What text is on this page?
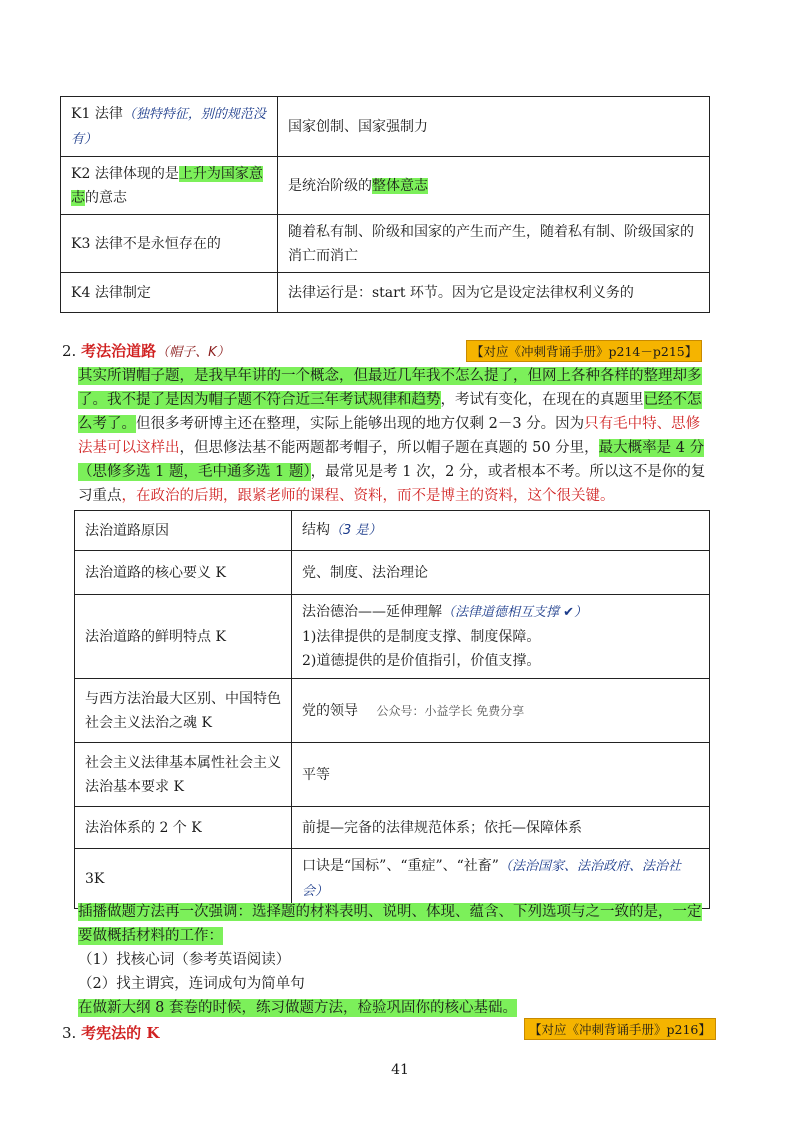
K1 法律（独特特征，别的规范没有）	国家创制、国家强制力
K2 法律体现的是上升为国家意志的意志	是统治阶级的整体意志
K3 法律不是永恒存在的	随着私有制、阶级和国家的产生而产生，随着私有制、阶级国家的消亡而消亡
K4 法律制定	法律运行是：start 环节。因为它是设定法律权利义务的
2. 考法治道路（帽子、K）	【对应《冲刺背诵手册》p214－p215】
其实所谓帽子题，是我早年讲的一个概念，但最近几年我不怎么提了，但网上各种各样的整理却多了。我不提了是因为帽子题不符合近三年考试规律和趋势，考试有变化，在现在的真题里已经不怎么考了。但很多考研博主还在整理，实际上能够出现的地方仅剩 2－3 分。因为只有毛中特、思修法基可以这样出，但思修法基不能两题都考帽子，所以帽子题在真题的 50 分里，最大概率是 4 分（思修多选 1 题，毛中通多选 1 题），最常见是考 1 次，2 分，或者根本不考。所以这不是你的复习重点，在政治的后期，跟紧老师的课程、资料，而不是博主的资料，这个很关键。
法治道路原因	结构（3 是）
法治道路的核心要义 K	党、制度、法治理论
法治道路的鲜明特点 K	法治德治——延伸理解（法律道德相互支撑 ✔）
1)法律提供的是制度支撑、制度保障。
2)道德提供的是价值指引，价值支撑。

与西方法治最大区别、中国特色社会主义法治之魂 K	党的领导 公众号：小益学长 免费分享
社会主义法律基本属性社会主义法治基本要求 K	平等
法治体系的 2 个 K	前提—完备的法律规范体系；依托—保障体系
3K	口诀是“国标”、“重症”、“社畜”（法治国家、法治政府、法治社会）
插播做题方法再一次强调：选择题的材料表明、说明、体现、蕴含、下列选项与之一致的是，一定要做概括材料的工作：
（1）找核心词（参考英语阅读）
（2）找主谓宾，连词成句为简单句
在做新大纲 8 套卷的时候，练习做题方法，检验巩固你的核心基础。
3. 考宪法的 K	【对应《冲刺背诵手册》p216】
41
